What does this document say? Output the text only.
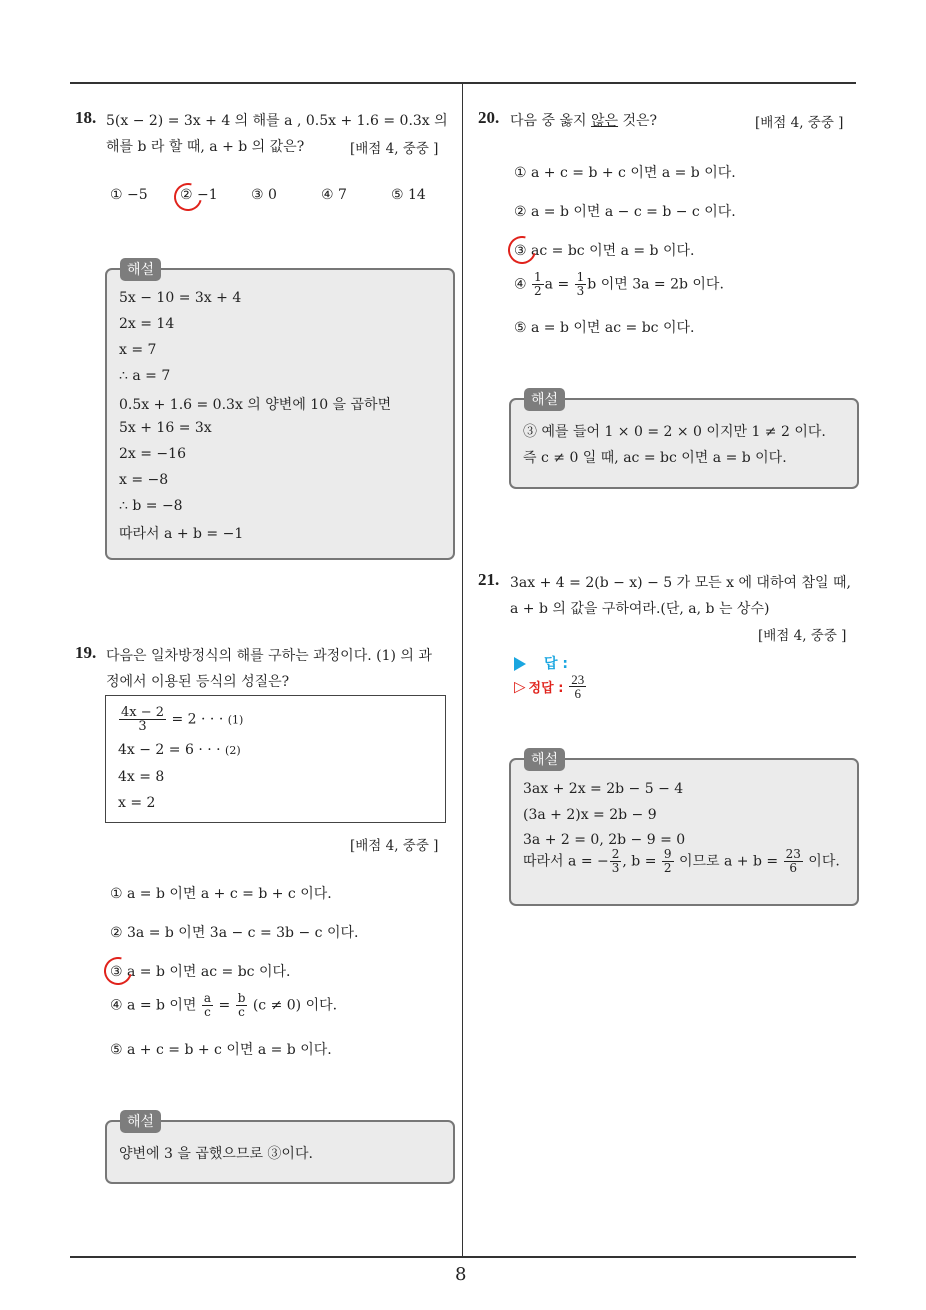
8
18. 5(x − 2) = 3x + 4 의 해를 a , 0.5x + 1.6 = 0.3x 의
해를 b 라 할 때, a + b 의 값은?	[배점 4, 중중 ]
① −5 ② −1 ③ 0	④ 7	⑤ 14
해설
5x − 10 = 3x + 4
2x = 14
x = 7
∴ a = 7
0.5x + 1.6 = 0.3x 의 양변에 10 을 곱하면
5x + 16 = 3x
2x = −16
x = −8
∴ b = −8
따라서 a + b = −1
19. 다음은 일차방정식의 해를 구하는 과정이다. (1) 의 과
정에서 이용된 등식의 성질은?
$\frac{4x - 2}{3} = 2$ · · · (1)
4x − 2 = 6 · · · (2)
4x = 8
x = 2
[배점 4, 중중 ]
① a = b 이면 a + c = b + c 이다.
② 3a = b 이면 3a − c = 3b − c 이다.
③ a = b 이면 ac = bc 이다.
④ a = b 이면 $\frac{a}{c} = \frac{b}{c} (c \ne 0)$ 이다.
⑤ a + c = b + c 이면 a = b 이다.
해설
양변에 3 을 곱했으므로 ③이다.
20. 다음 중 옳지 않은 것은?	[배점 4, 중중 ]
① a + c = b + c 이면 a = b 이다.
② a = b 이면 a − c = b − c 이다.
③ ac = bc 이면 a = b 이다.
④ $\frac{1}{2}$ $a = \frac{1}{3}$ b 이면 3a = 2b 이다.
⑤ a = b 이면 ac = bc 이다.
해설
③ 예를 들어 1 × 0 = 2 × 0 이지만 1 ≠ 2 이다.
즉 c ≠ 0 일 때, ac = bc 이면 a = b 이다.
21. 3ax + 4 = 2(b − x) − 5 가 모든 x 에 대하여 참일 때,
a + b 의 값을 구하여라.(단, a, b 는 상수)
[배점 4, 중중 ]
답 :
▷ 정답 : $\frac{23}{6}$
해설
3ax + 2x = 2b − 5 − 4
(3a + 2)x = 2b − 9
3a + 2 = 0, 2b − 9 = 0
따라서 a = − $\frac{2}{3}$ , $b = \frac{9}{2}$ 이므로 $a + b = \frac{23}{6}$ 이다.
